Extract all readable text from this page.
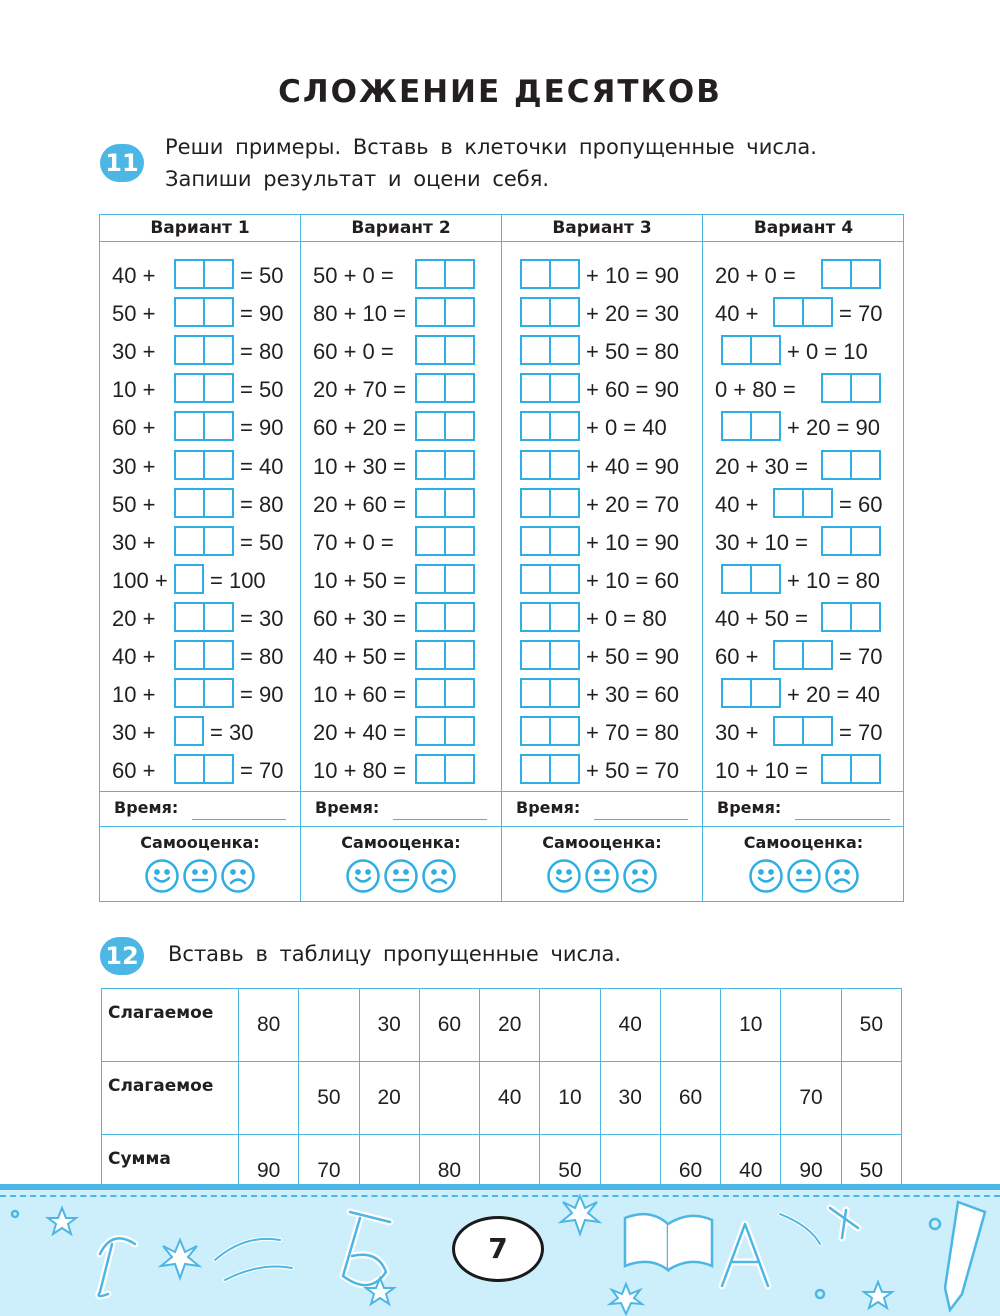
СЛОЖЕНИЕ ДЕСЯТКОВ
11
Реши примеры. Вставь в клеточки пропущенные числа.
Запиши результат и оцени себя.
Вариант 1
40 +	= 50
50 +	= 90
30 +	= 80
10 +	= 50
60 +	= 90
30 +	= 40
50 +	= 80
30 +	= 50
100 + = 100
20 +	= 30
40 +	= 80
10 +	= 90
30 + = 30
60 +	= 70
Время:
Самооценка:
Вариант 2
50 + 0 =
80 + 10 =
60 + 0 =
20 + 70 =
60 + 20 =
10 + 30 =
20 + 60 =
70 + 0 =
10 + 50 =
60 + 30 =
40 + 50 =
10 + 60 =
20 + 40 =
10 + 80 =
Время:
Самооценка:
Вариант 3
+ 10 = 90
+ 20 = 30
+ 50 = 80
+ 60 = 90
+ 0 = 40
+ 40 = 90
+ 20 = 70
+ 10 = 90
+ 10 = 60
+ 0 = 80
+ 50 = 90
+ 30 = 60
+ 70 = 80
+ 50 = 70
Время:
Самооценка:
Вариант 4
20 + 0 =
40 +	= 70
+ 0 = 10
0 + 80 =
+ 20 = 90
20 + 30 =
40 +	= 60
30 + 10 =
+ 10 = 80
40 + 50 =
60 +	= 70
+ 20 = 40
30 +	= 70
10 + 10 =
Время:
Самооценка:
12 Вставь в таблицу пропущенные числа.
Слагаемое	80		30	60	20		40		10		50
Слагаемое		50	20		40	10	30	60		70	
Сумма	90	70		80		50		60	40	90	50
7
